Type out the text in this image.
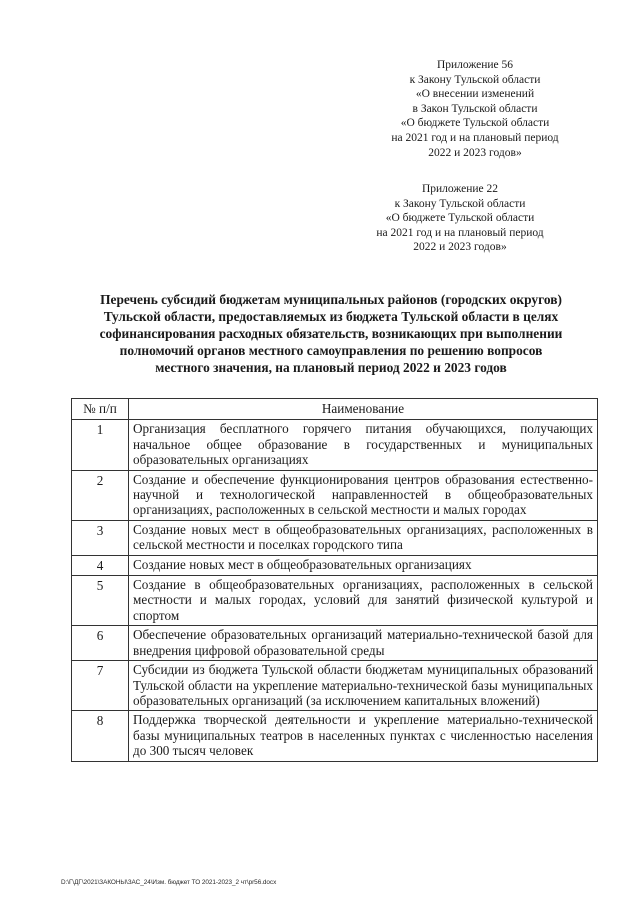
Приложение 56
к Закону Тульской области
«О внесении изменений
в Закон Тульской области
«О бюджете Тульской области
на 2021 год и на плановый период
2022 и 2023 годов»
Приложение 22
к Закону Тульской области
«О бюджете Тульской области
на 2021 год и на плановый период
2022 и 2023 годов»
Перечень субсидий бюджетам муниципальных районов (городских округов)
Тульской области, предоставляемых из бюджета Тульской области в целях
софинансирования расходных обязательств, возникающих при выполнении
полномочий органов местного самоуправления по решению вопросов
местного значения, на плановый период 2022 и 2023 годов
№ п/п	Наименование
1	Организация бесплатного горячего питания обучающихся, получающих начальное общее образование в государственных и муниципальных образовательных организациях
2	Создание и обеспечение функционирования центров образования естественно-научной и технологической направленностей в общеобразовательных организациях, расположенных в сельской местности и малых городах
3	Создание новых мест в общеобразовательных организациях, расположенных в сельской местности и поселках городского типа
4	Создание новых мест в общеобразовательных организациях
5	Создание в общеобразовательных организациях, расположенных в сельской местности и малых городах, условий для занятий физической культурой и спортом
6	Обеспечение образовательных организаций материально-технической базой для внедрения цифровой образовательной среды
7	Субсидии из бюджета Тульской области бюджетам муниципальных образований Тульской области на укрепление материально-технической базы муниципальных образовательных организаций (за исключением капитальных вложений)
8	Поддержка творческой деятельности и укрепление материально-технической базы муниципальных театров в населенных пунктах с численностью населения до 300 тысяч человек
D:\Г\ДГ\2021\ЗАКОНЫ\ЗАС_24\Изм. бюджет ТО 2021-2023_2 чт\pr56.docx
